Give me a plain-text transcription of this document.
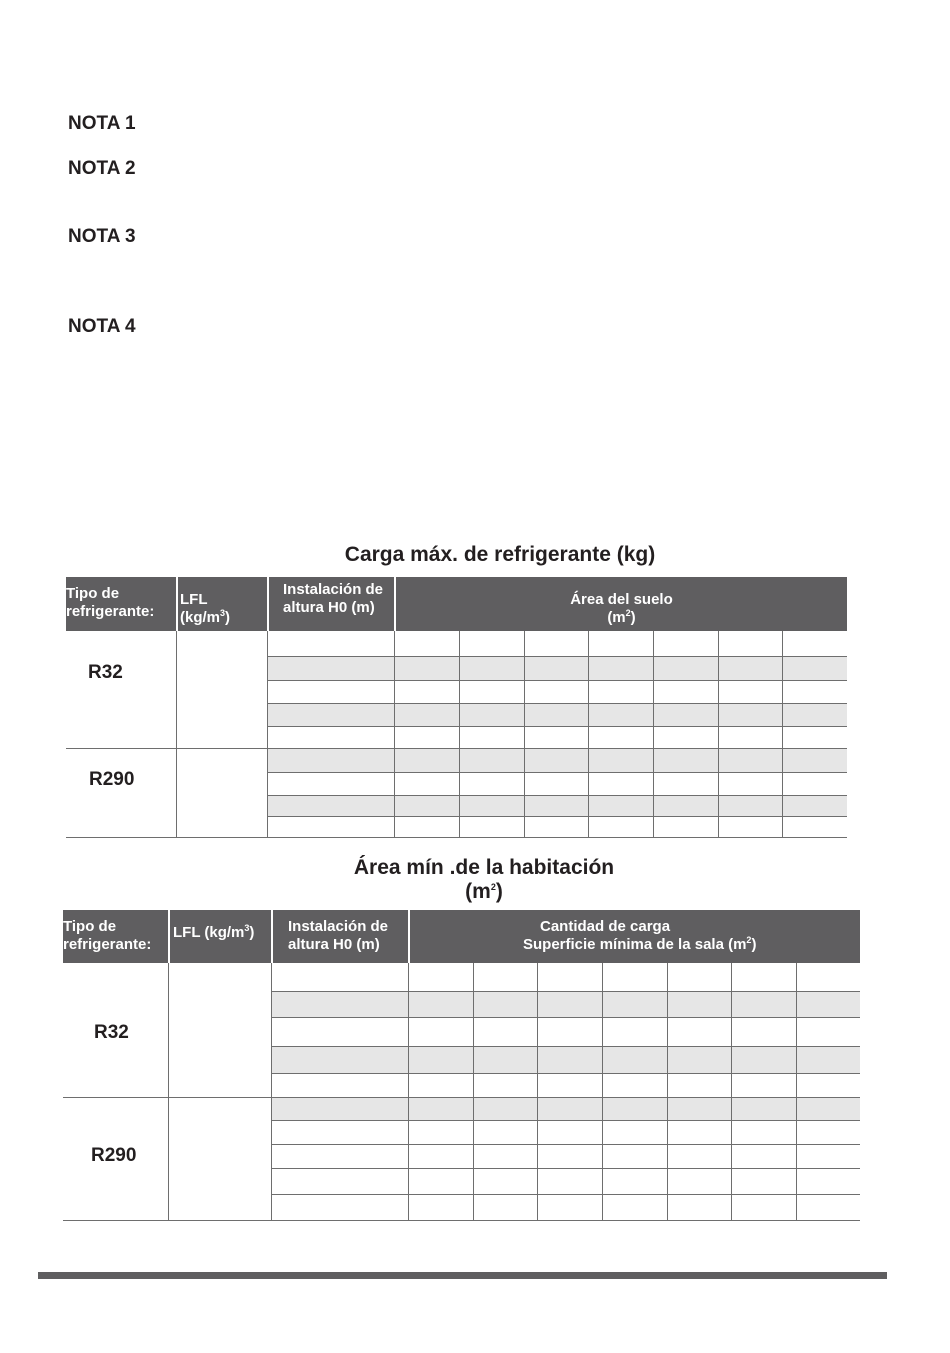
NOTA 1
NOTA 2
NOTA 3
NOTA 4
Carga máx. de refrigerante (kg)
Tipo de
refrigerante:
LFL
$(kg/m^3)$
Instalación de
altura H0 (m)	Área del suelo
$(m^2)$
R32
R290
Área mín .de la habitación
$(m^2)$
Tipo de
refrigerante:
LFL $(kg/m^3)$ Instalación de
altura H0 (m)
Cantidad de carga
Superficie mínima de la sala $(m^2)$
R32
R290
